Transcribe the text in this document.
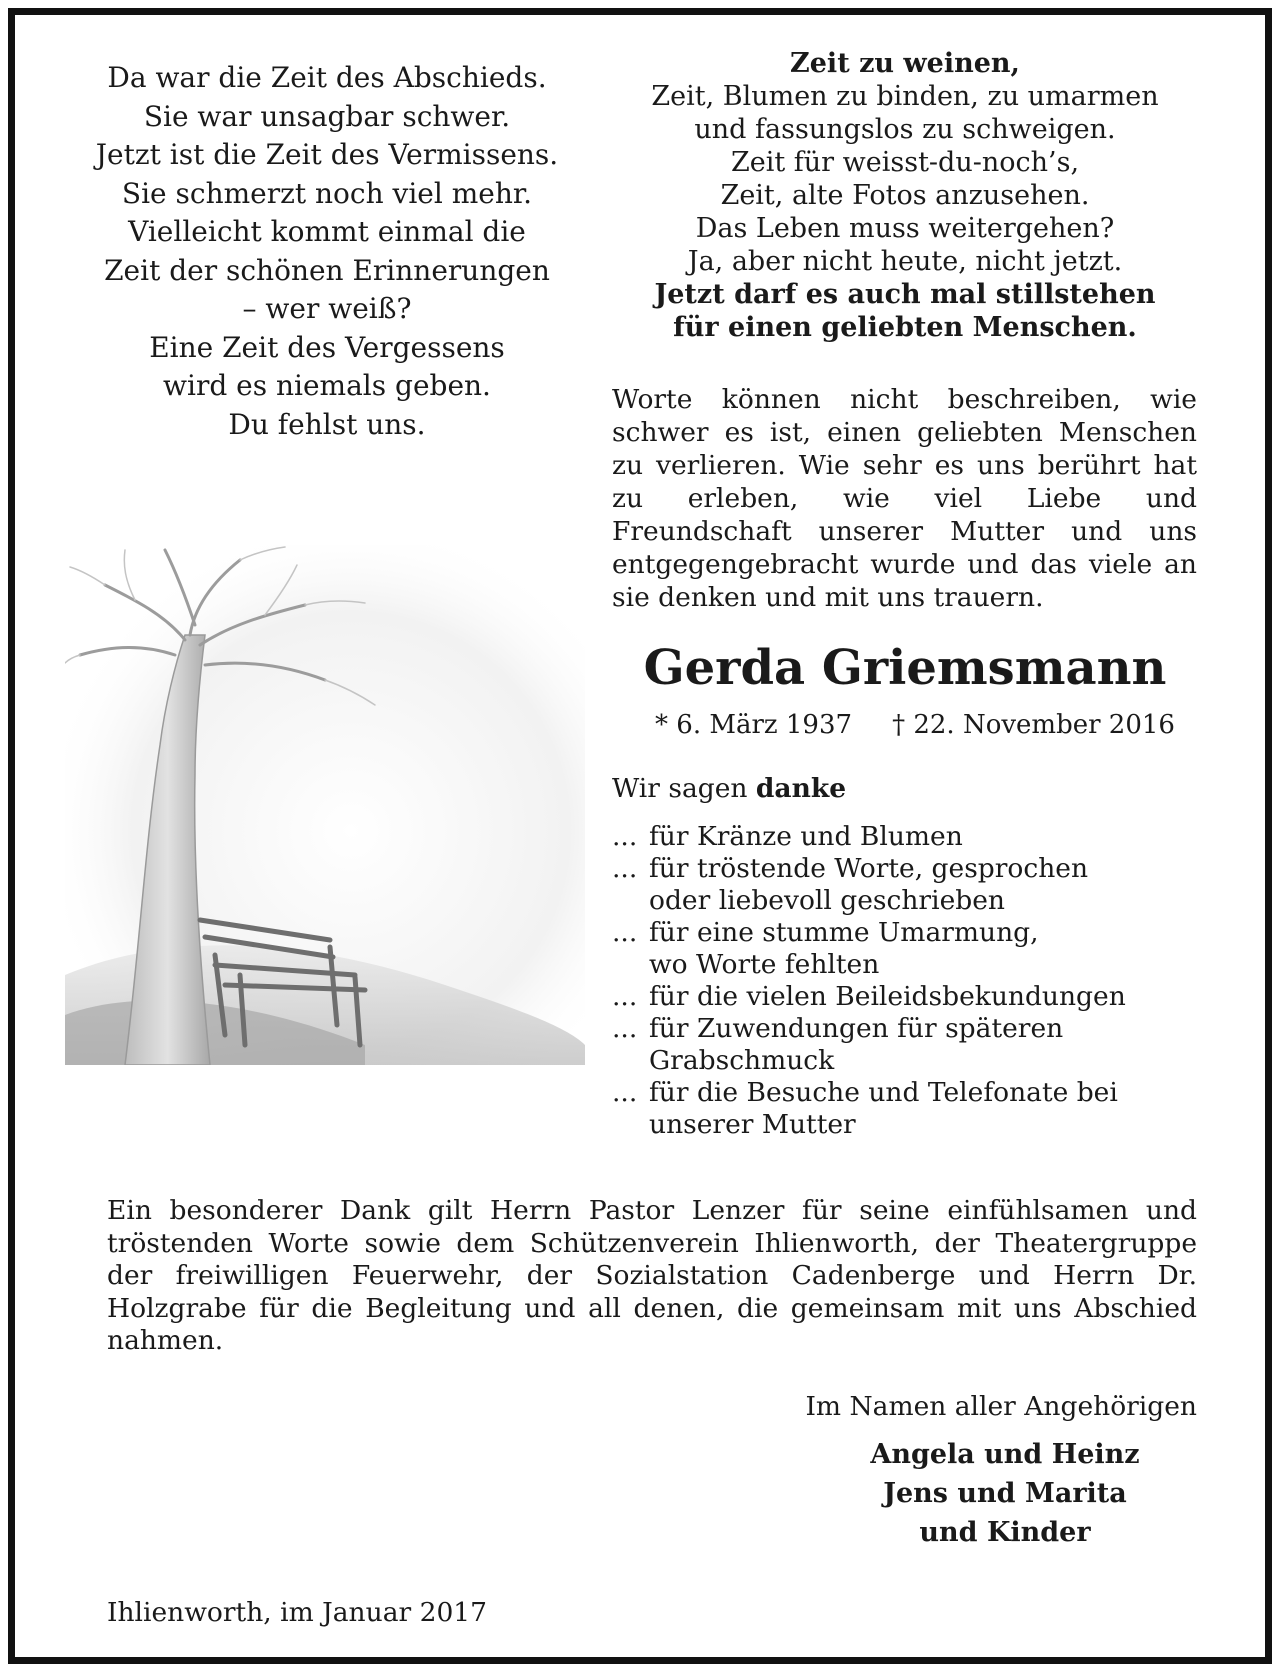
Da war die Zeit des Abschieds.
Sie war unsagbar schwer.
Jetzt ist die Zeit des Vermissens.
Sie schmerzt noch viel mehr.
Vielleicht kommt einmal die
Zeit der schönen Erinnerungen
– wer weiß?
Eine Zeit des Vergessens
wird es niemals geben.
Du fehlst uns.
Zeit zu weinen,
Zeit, Blumen zu binden, zu umarmen
und fassungslos zu schweigen.
Zeit für weisst-du-noch’s,
Zeit, alte Fotos anzusehen.
Das Leben muss weitergehen?
Ja, aber nicht heute, nicht jetzt.
Jetzt darf es auch mal stillstehen
für einen geliebten Menschen.
Worte können nicht beschreiben, wie schwer es ist, einen geliebten Menschen zu verlieren. Wie sehr es uns berührt hat zu erleben, wie viel Liebe und Freundschaft unserer Mutter und uns entgegengebracht wurde und das viele an sie denken und mit uns trauern.
Gerda Griemsmann
* 6. März 1937 † 22. November 2016
Wir sagen danke
... für Kränze und Blumen
... für tröstende Worte, gesprochen
oder liebevoll geschrieben
... für eine stumme Umarmung,
wo Worte fehlten
... für die vielen Beileidsbekundungen
... für Zuwendungen für späteren
Grabschmuck
... für die Besuche und Telefonate bei
unserer Mutter
Ein besonderer Dank gilt Herrn Pastor Lenzer für seine einfühlsamen und tröstenden Worte sowie dem Schützenverein Ihlienworth, der Theatergruppe der freiwilligen Feuerwehr, der Sozialstation Cadenberge und Herrn Dr. Holzgrabe für die Begleitung und all denen, die gemeinsam mit uns Abschied nahmen.
Im Namen aller Angehörigen
Angela und Heinz
Jens und Marita
und Kinder
Ihlienworth, im Januar 2017
